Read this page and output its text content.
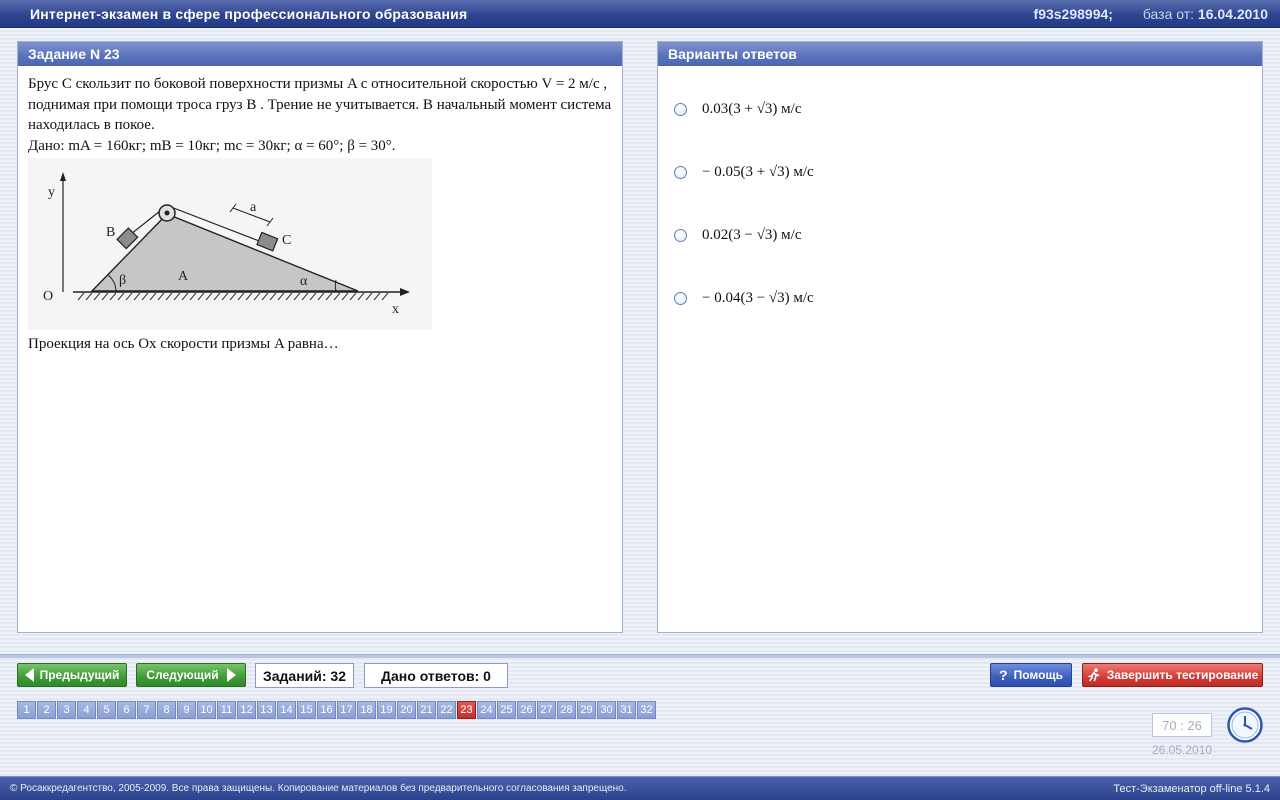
Интернет-экзамен в сфере профессионального образования	f93s298994; база от: 16.04.2010
Задание N 23

Брус C скользит по боковой поверхности призмы A с относительной скоростью V = 2 м/с , поднимая при помощи троса груз B . Трение не учитывается. В начальный момент система находилась в покое.

Дано: mA = 160кг; mB = 10кг; mc = 30кг; α = 60°; β = 30°.

y
x
O
a
B
C
A	α
β

Проекция на ось Ox скорости призмы A равна…

Варианты ответов
0.03(3 + √3) м/с
− 0.05(3 + √3) м/с
0.02(3 − √3) м/с
− 0.04(3 − √3) м/с
Предыдущий Следующий	Заданий: 32	Дано ответов: 0	? Помощь	Завершить тестирование
1	2	3	4	5	6	7	8	9 10 11 12 13 14 15 16 17 18 19 20 21 22 23 24 25 26 27 28 29 30 31 32
70 : 26
26.05.2010
© Росаккредагентство, 2005-2009. Все права защищены. Копирование материалов без предварительного согласования запрещено.	Тест-Экзаменатор off-line 5.1.4
